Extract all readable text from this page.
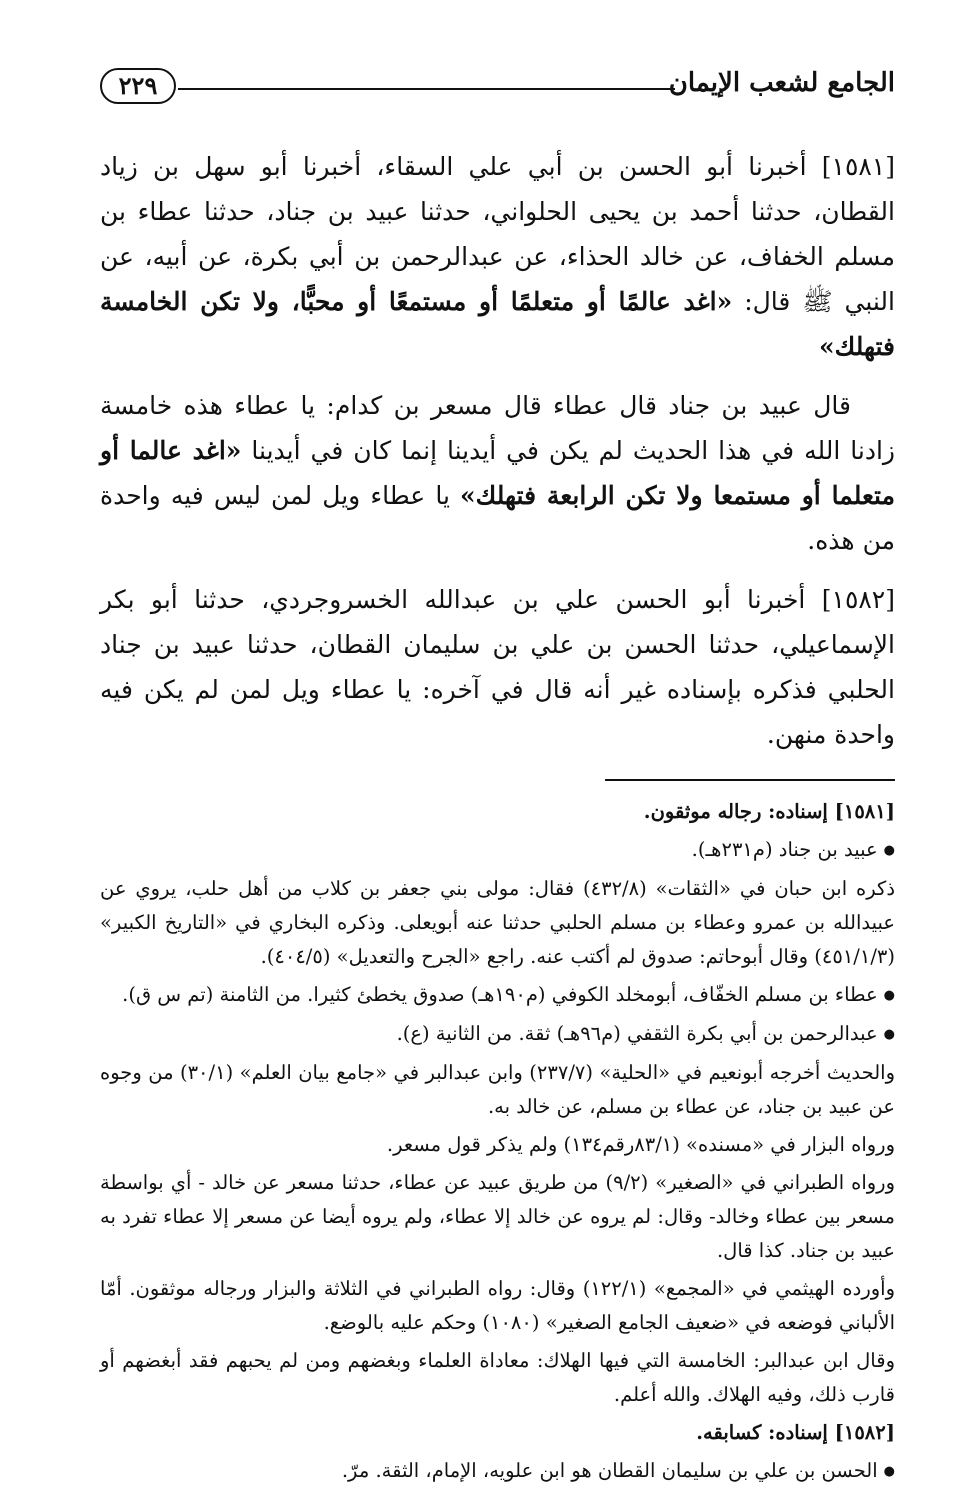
الجامع لشعب الإيمان
٢٢٩

[١٥٨١] أخبرنا أبو الحسن بن أبي علي السقاء، أخبرنا أبو سهل بن زياد القطان، حدثنا أحمد بن يحيى الحلواني، حدثنا عبيد بن جناد، حدثنا عطاء بن مسلم الخفاف، عن خالد الحذاء، عن عبدالرحمن بن أبي بكرة، عن أبيه، عن النبي ﷺ قال: «اغد عالمًا أو متعلمًا أو مستمعًا أو محبًّا، ولا تكن الخامسة فتهلك»

قال عبيد بن جناد قال عطاء قال مسعر بن كدام: يا عطاء هذه خامسة زادنا الله في هذا الحديث لم يكن في أيدينا إنما كان في أيدينا «اغد عالما أو متعلما أو مستمعا ولا تكن الرابعة فتهلك» يا عطاء ويل لمن ليس فيه واحدة من هذه.

[١٥٨٢] أخبرنا أبو الحسن علي بن عبدالله الخسروجردي، حدثنا أبو بكر الإسماعيلي، حدثنا الحسن بن علي بن سليمان القطان، حدثنا عبيد بن جناد الحلبي فذكره بإسناده غير أنه قال في آخره: يا عطاء ويل لمن لم يكن فيه واحدة منهن.

[١٥٨١] إسناده: رجاله موثقون.

● عبيد بن جناد (م٢٣١هـ).

ذكره ابن حبان في «الثقات» (٤٣٢/٨) فقال: مولى بني جعفر بن كلاب من أهل حلب، يروي عن عبيدالله بن عمرو وعطاء بن مسلم الحلبي حدثنا عنه أبويعلى. وذكره البخاري في «التاريخ الكبير» (٤٥١/١/٣) وقال أبوحاتم: صدوق لم أكتب عنه. راجع «الجرح والتعديل» (٤٠٤/٥).

● عطاء بن مسلم الخفّاف، أبومخلد الكوفي (م١٩٠هـ) صدوق يخطئ كثيرا. من الثامنة (تم س ق).

● عبدالرحمن بن أبي بكرة الثقفي (م٩٦هـ) ثقة. من الثانية (ع).

والحديث أخرجه أبونعيم في «الحلية» (٢٣٧/٧) وابن عبدالبر في «جامع بيان العلم» (٣٠/١) من وجوه عن عبيد بن جناد، عن عطاء بن مسلم، عن خالد به.

ورواه البزار في «مسنده» (٨٣/١رقم١٣٤) ولم يذكر قول مسعر.

ورواه الطبراني في «الصغير» (٩/٢) من طريق عبيد عن عطاء، حدثنا مسعر عن خالد - أي بواسطة مسعر بين عطاء وخالد- وقال: لم يروه عن خالد إلا عطاء، ولم يروه أيضا عن مسعر إلا عطاء تفرد به عبيد بن جناد. كذا قال.

وأورده الهيثمي في «المجمع» (١٢٢/١) وقال: رواه الطبراني في الثلاثة والبزار ورجاله موثقون. أمّا الألباني فوضعه في «ضعيف الجامع الصغير» (١٠٨٠) وحكم عليه بالوضع.

وقال ابن عبدالبر: الخامسة التي فيها الهلاك: معاداة العلماء وبغضهم ومن لم يحبهم فقد أبغضهم أو قارب ذلك، وفيه الهلاك. والله أعلم.

[١٥٨٢] إسناده: كسابقه.

● الحسن بن علي بن سليمان القطان هو ابن علويه، الإمام، الثقة. مرّ.
